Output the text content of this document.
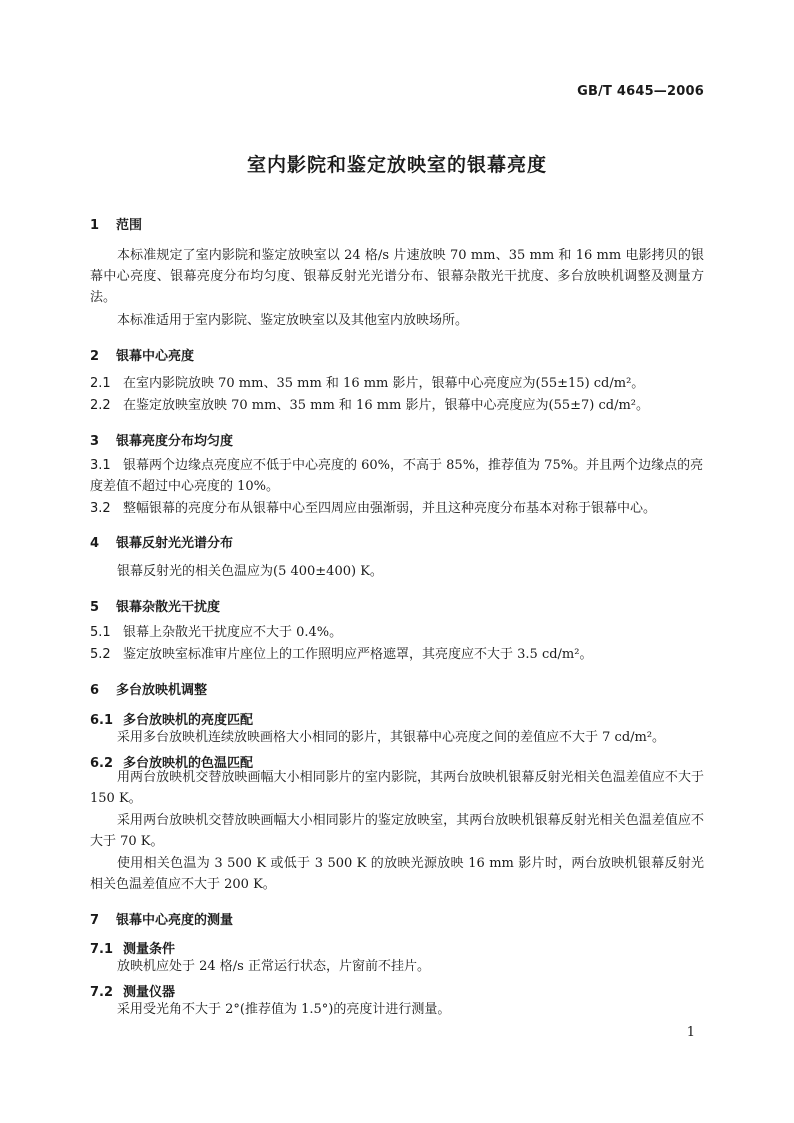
GB/T 4645—2006
室内影院和鉴定放映室的银幕亮度
1 范围
本标准规定了室内影院和鉴定放映室以 24 格/s 片速放映 70 mm、35 mm 和 16 mm 电影拷贝的银幕中心亮度、银幕亮度分布均匀度、银幕反射光光谱分布、银幕杂散光干扰度、多台放映机调整及测量方法。
本标准适用于室内影院、鉴定放映室以及其他室内放映场所。
2 银幕中心亮度
2.1 在室内影院放映 70 mm、35 mm 和 16 mm 影片，银幕中心亮度应为(55±15) cd/m²。
2.2 在鉴定放映室放映 70 mm、35 mm 和 16 mm 影片，银幕中心亮度应为(55±7) cd/m²。
3 银幕亮度分布均匀度
3.1 银幕两个边缘点亮度应不低于中心亮度的 60%，不高于 85%，推荐值为 75%。并且两个边缘点的亮度差值不超过中心亮度的 10%。
3.2 整幅银幕的亮度分布从银幕中心至四周应由强渐弱，并且这种亮度分布基本对称于银幕中心。
4 银幕反射光光谱分布
银幕反射光的相关色温应为(5 400±400) K。
5 银幕杂散光干扰度
5.1 银幕上杂散光干扰度应不大于 0.4%。
5.2 鉴定放映室标准审片座位上的工作照明应严格遮罩，其亮度应不大于 3.5 cd/m²。
6 多台放映机调整
6.1 多台放映机的亮度匹配
采用多台放映机连续放映画格大小相同的影片，其银幕中心亮度之间的差值应不大于 7 cd/m²。
6.2 多台放映机的色温匹配
用两台放映机交替放映画幅大小相同影片的室内影院，其两台放映机银幕反射光相关色温差值应不大于 150 K。
采用两台放映机交替放映画幅大小相同影片的鉴定放映室，其两台放映机银幕反射光相关色温差值应不大于 70 K。
使用相关色温为 3 500 K 或低于 3 500 K 的放映光源放映 16 mm 影片时，两台放映机银幕反射光相关色温差值应不大于 200 K。
7 银幕中心亮度的测量
7.1 测量条件
放映机应处于 24 格/s 正常运行状态，片窗前不挂片。
7.2 测量仪器
采用受光角不大于 2°(推荐值为 1.5°)的亮度计进行测量。
1
